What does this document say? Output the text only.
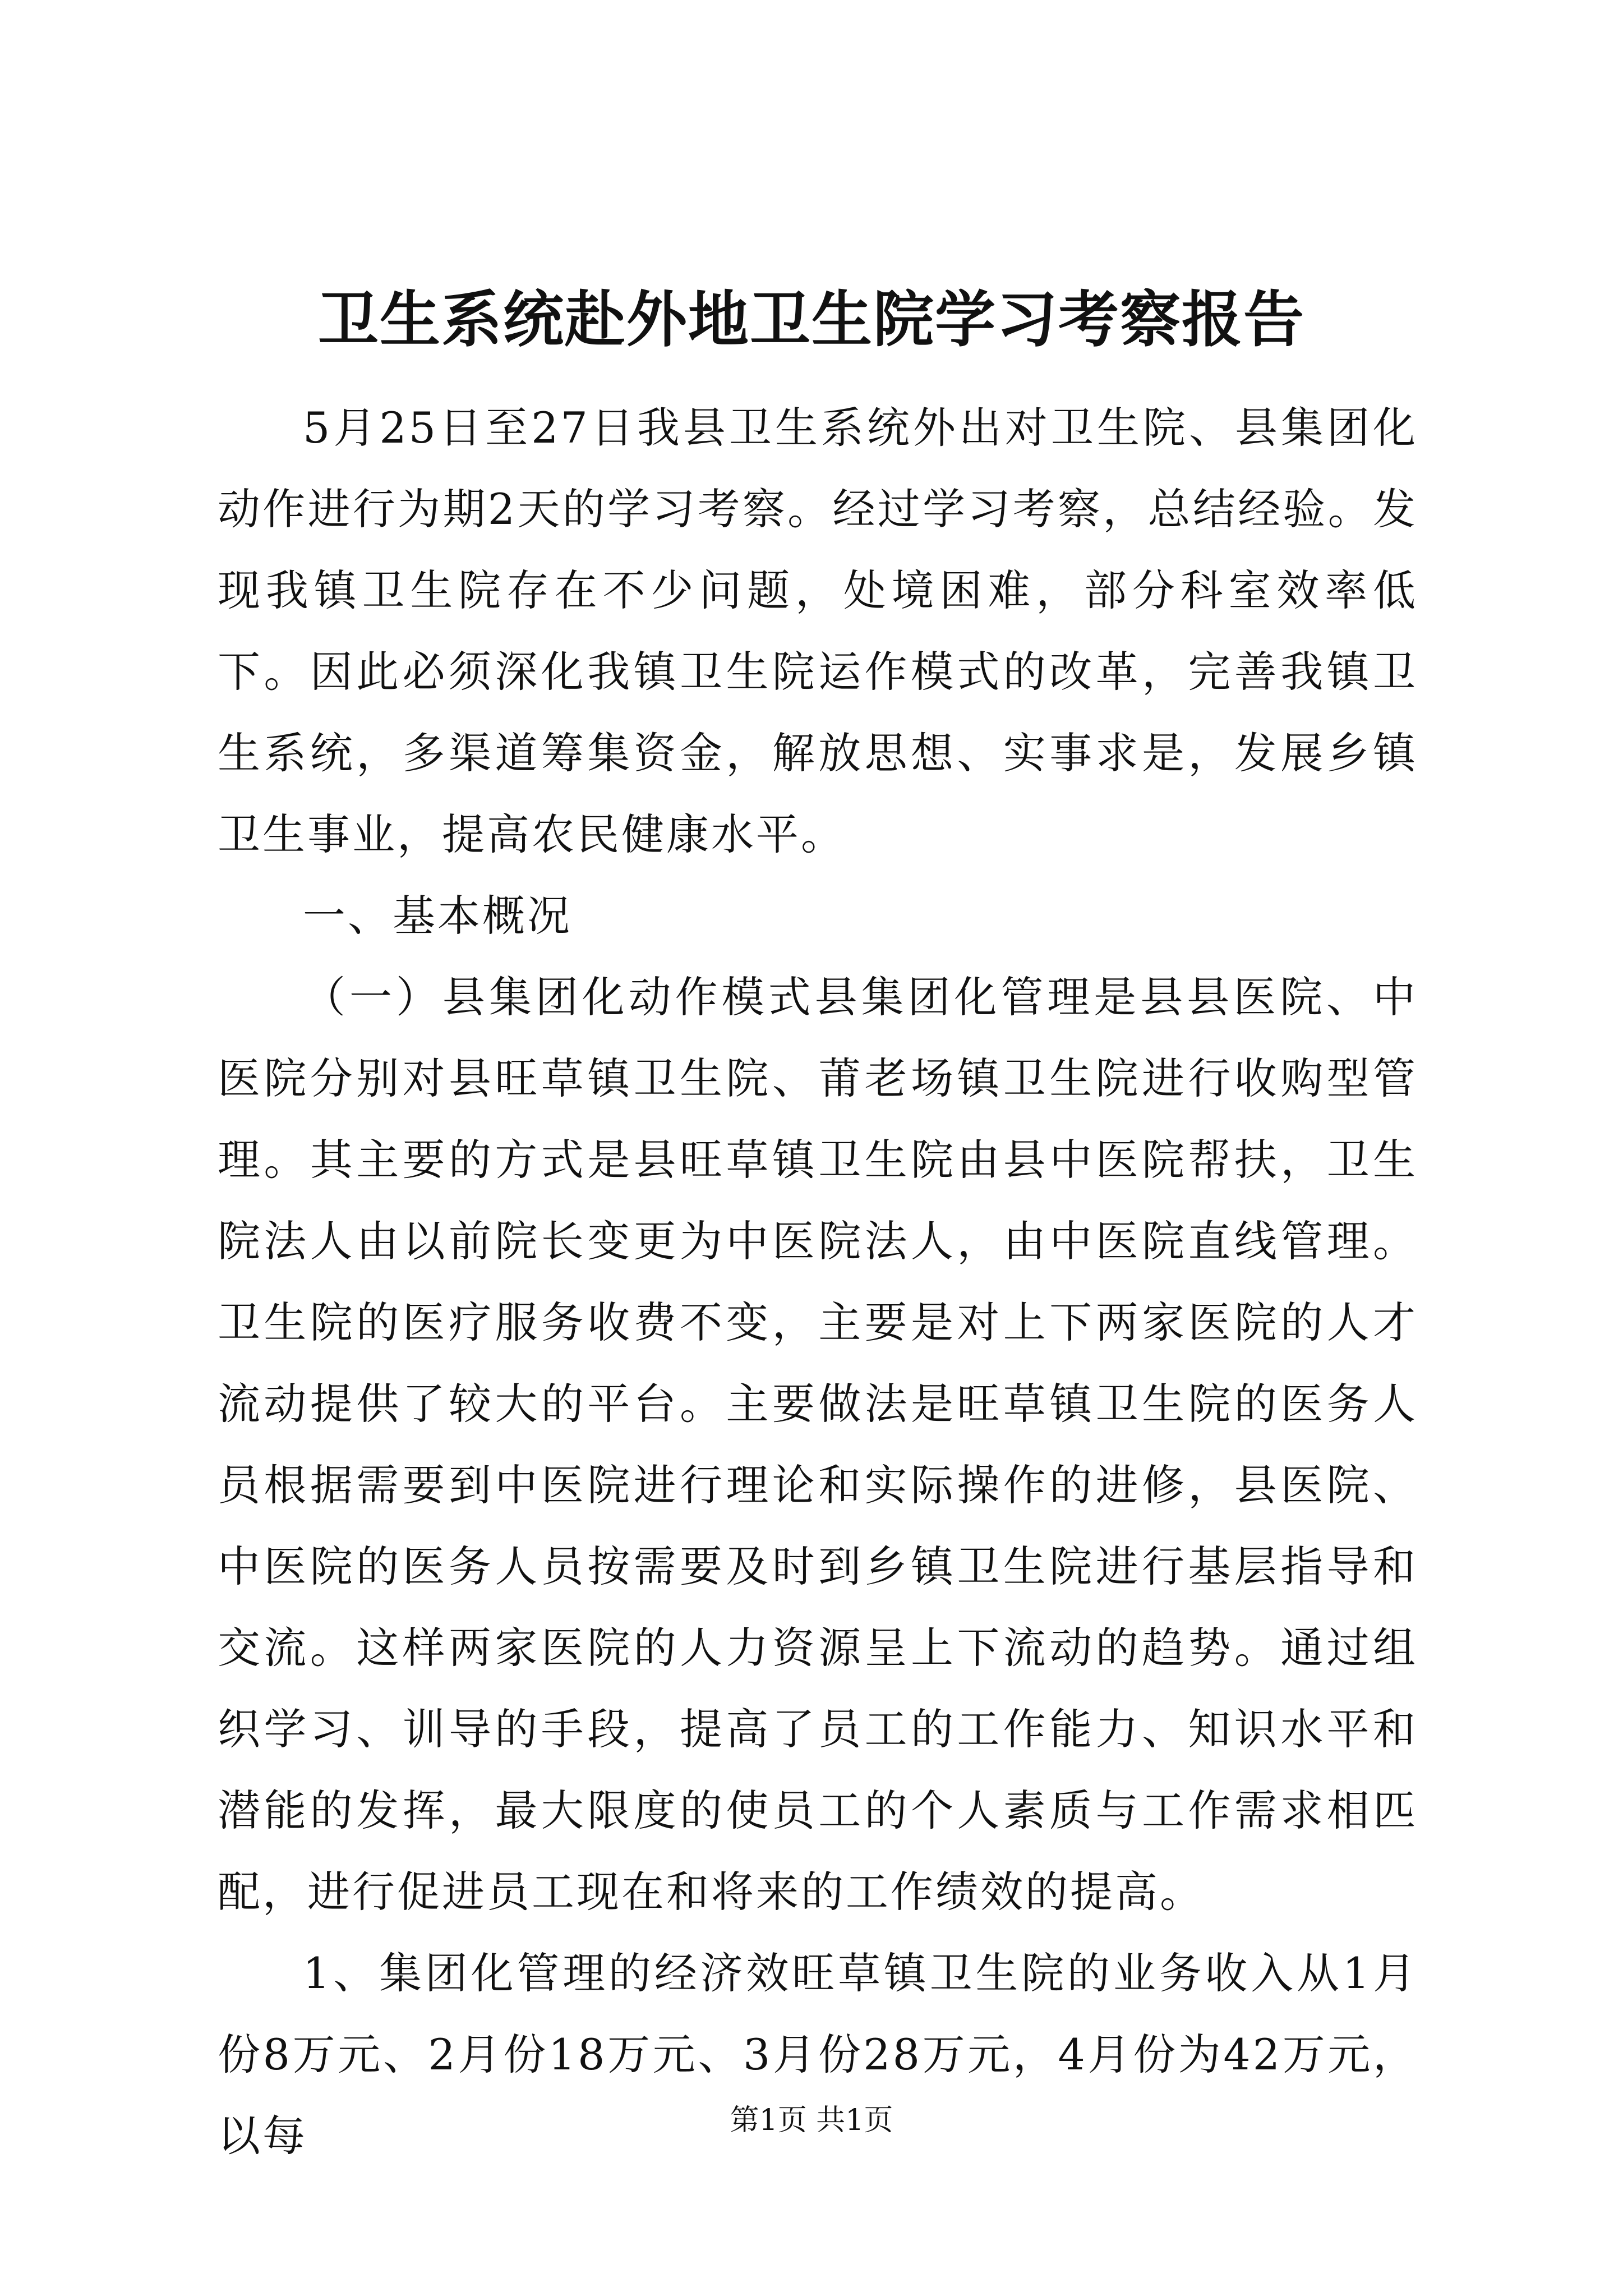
卫生系统赴外地卫生院学习考察报告

5月25日至27日我县卫生系统外出对卫生院、县集团化动作进行为期2天的学习考察。经过学习考察，总结经验。发现我镇卫生院存在不少问题，处境困难，部分科室效率低下。因此必须深化我镇卫生院运作模式的改革，完善我镇卫生系统，多渠道筹集资金，解放思想、实事求是，发展乡镇卫生事业，提高农民健康水平。

一、基本概况

（一）县集团化动作模式县集团化管理是县县医院、中医院分别对县旺草镇卫生院、莆老场镇卫生院进行收购型管理。其主要的方式是县旺草镇卫生院由县中医院帮扶，卫生院法人由以前院长变更为中医院法人，由中医院直线管理。卫生院的医疗服务收费不变，主要是对上下两家医院的人才流动提供了较大的平台。主要做法是旺草镇卫生院的医务人员根据需要到中医院进行理论和实际操作的进修，县医院、中医院的医务人员按需要及时到乡镇卫生院进行基层指导和交流。这样两家医院的人力资源呈上下流动的趋势。通过组织学习、训导的手段，提高了员工的工作能力、知识水平和潜能的发挥，最大限度的使员工的个人素质与工作需求相匹配，进行促进员工现在和将来的工作绩效的提高。

1、集团化管理的经济效旺草镇卫生院的业务收入从1月份8万元、2月份18万元、3月份28万元，4月份为42万元，以每	第1页 共1页
